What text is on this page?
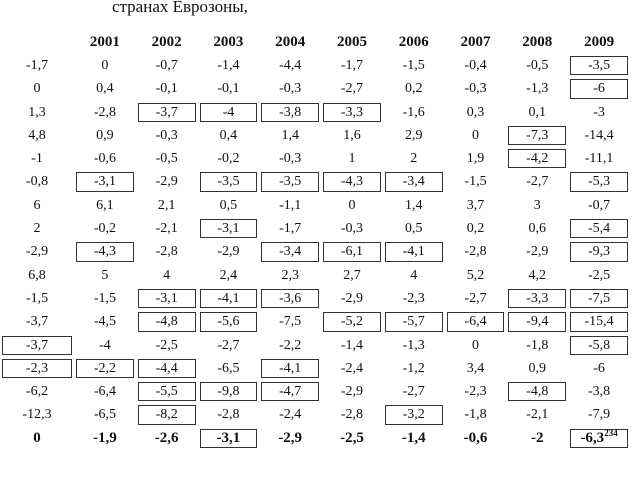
странах Еврозоны,
	2001	2002	2003	2004	2005	2006	2007	2008	2009
-1,7	0	-0,7	-1,4	-4,4	-1,7	-1,5	-0,4	-0,5	-3,5
0	0,4	-0,1	-0,1	-0,3	-2,7	0,2	-0,3	-1,3	-6
1,3	-2,8	-3,7	-4	-3,8	-3,3	-1,6	0,3	0,1	-3
4,8	0,9	-0,3	0,4	1,4	1,6	2,9	0	-7,3	-14,4
-1	-0,6	-0,5	-0,2	-0,3	1	2	1,9	-4,2	-11,1
-0,8	-3,1	-2,9	-3,5	-3,5	-4,3	-3,4	-1,5	-2,7	-5,3
6	6,1	2,1	0,5	-1,1	0	1,4	3,7	3	-0,7
2	-0,2	-2,1	-3,1	-1,7	-0,3	0,5	0,2	0,6	-5,4
-2,9	-4,3	-2,8	-2,9	-3,4	-6,1	-4,1	-2,8	-2,9	-9,3
6,8	5	4	2,4	2,3	2,7	4	5,2	4,2	-2,5
-1,5	-1,5	-3,1	-4,1	-3,6	-2,9	-2,3	-2,7	-3,3	-7,5
-3,7	-4,5	-4,8	-5,6	-7,5	-5,2	-5,7	-6,4	-9,4	-15,4
-3,7	-4	-2,5	-2,7	-2,2	-1,4	-1,3	0	-1,8	-5,8
-2,3	-2,2	-4,4	-6,5	-4,1	-2,4	-1,2	3,4	0,9	-6
-6,2	-6,4	-5,5	-9,8	-4,7	-2,9	-2,7	-2,3	-4,8	-3,8
-12,3	-6,5	-8,2	-2,8	-2,4	-2,8	-3,2	-1,8	-2,1	-7,9
0	-1,9	-2,6	-3,1	-2,9	-2,5	-1,4	-0,6	-2	$-6,3^{234}$
